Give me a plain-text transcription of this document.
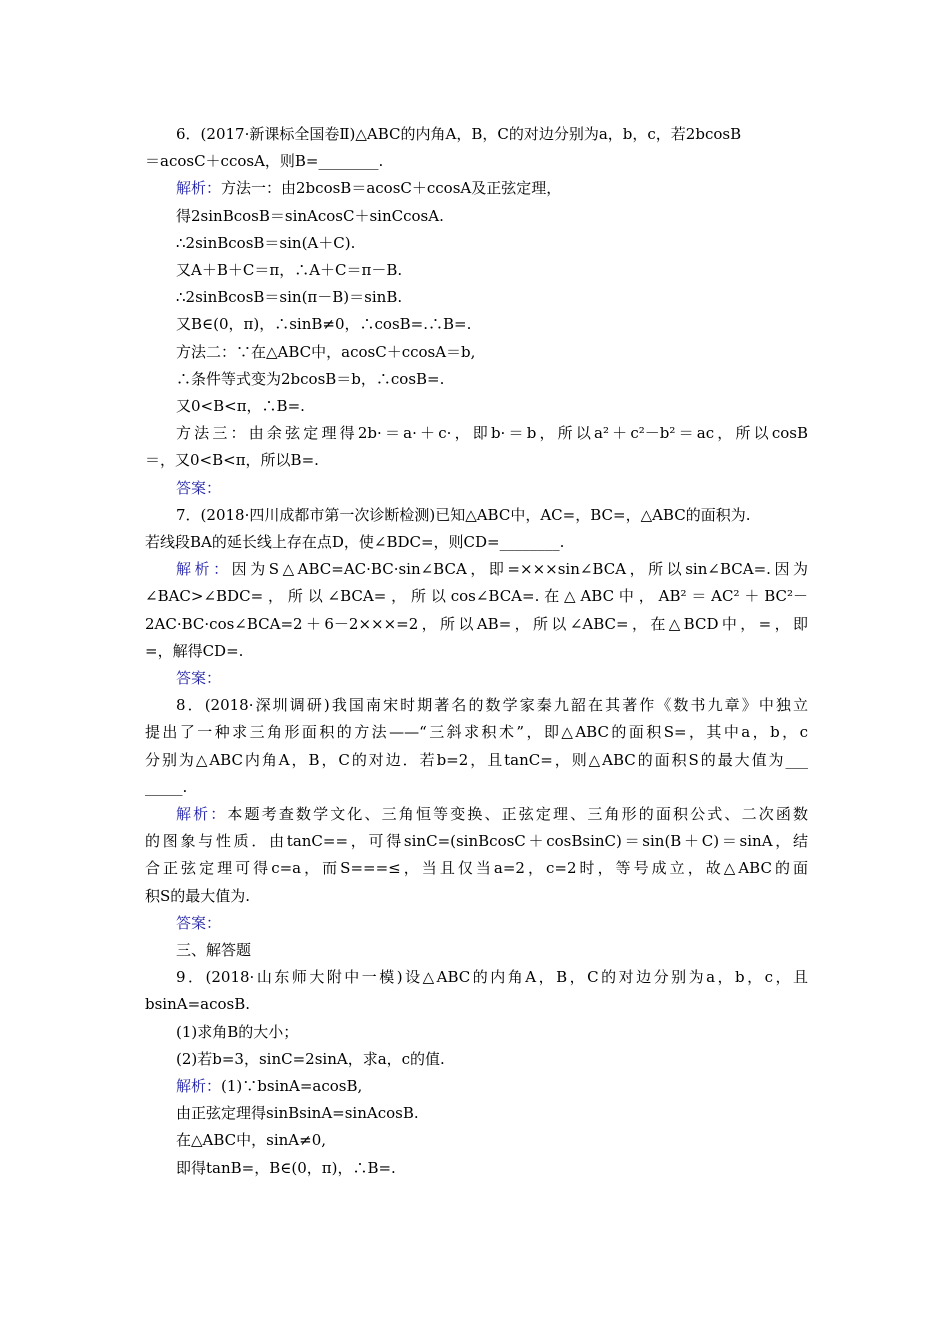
6．(2017·新课标全国卷Ⅱ)△ABC的内角A，B，C的对边分别为a，b，c，若2bcosB
＝acosC＋ccosA，则B=________.
解析：方法一：由2bcosB＝acosC＋ccosA及正弦定理，
得2sinBcosB＝sinAcosC＋sinCcosA.
∴2sinBcosB＝sin(A＋C).
又A＋B＋C＝π，∴A＋C＝π－B.
∴2sinBcosB＝sin(π－B)＝sinB.
又B∈(0，π)，∴sinB≠0，∴cosB=.∴B=.
方法二：∵在△ABC中，acosC＋ccosA＝b,
∴条件等式变为2bcosB＝b，∴cosB=.
又0<B<π，∴B=.
方法三：由余弦定理得2b·＝a·＋c·，即b·＝b，所以a²＋c²－b²＝ac，所以cosB
＝，又0<B<π，所以B=.
答案：
7．(2018·四川成都市第一次诊断检测)已知△ABC中，AC=，BC=，△ABC的面积为.
若线段BA的延长线上存在点D，使∠BDC=，则CD=________.
解析：因为S△ABC=AC·BC·sin∠BCA，即=×××sin∠BCA，所以sin∠BCA=.因为
∠BAC>∠BDC=，所以∠BCA=，所以cos∠BCA=.在△ABC中，AB²＝AC²＋BC²－
2AC·BC·cos∠BCA=2＋6－2×××=2，所以AB=，所以∠ABC=，在△BCD中，=，即
=，解得CD=.
答案：
8．(2018·深圳调研)我国南宋时期著名的数学家秦九韶在其著作《数书九章》中独立
提出了一种求三角形面积的方法——“三斜求积术”，即△ABC的面积S=，其中a，b，c
分别为△ABC内角A，B，C的对边．若b=2，且tanC=，则△ABC的面积S的最大值为___
_____.
解析：本题考查数学文化、三角恒等变换、正弦定理、三角形的面积公式、二次函数
的图象与性质．由tanC==，可得sinC=(sinBcosC＋cosBsinC)＝sin(B＋C)＝sinA，结
合正弦定理可得c=a，而S===≤，当且仅当a=2，c=2时，等号成立，故△ABC的面
积S的最大值为.
答案：
三、解答题
9．(2018·山东师大附中一模)设△ABC的内角A，B，C的对边分别为a，b，c，且
bsinA=acosB.
(1)求角B的大小；
(2)若b=3，sinC=2sinA，求a，c的值.
解析：(1)∵bsinA=acosB,
由正弦定理得sinBsinA=sinAcosB.
在△ABC中，sinA≠0,
即得tanB=，B∈(0，π)，∴B=.
